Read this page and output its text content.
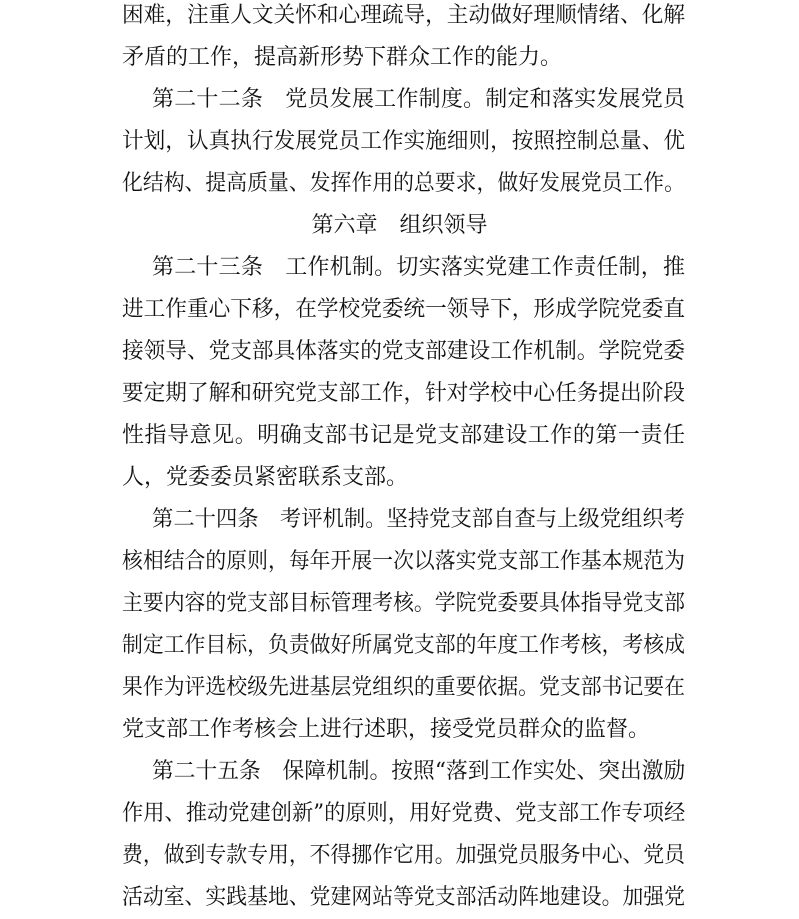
困难，注重人文关怀和心理疏导，主动做好理顺情绪、化解
矛盾的工作，提高新形势下群众工作的能力。
第二十二条　党员发展工作制度。制定和落实发展党员
计划，认真执行发展党员工作实施细则，按照控制总量、优
化结构、提高质量、发挥作用的总要求，做好发展党员工作。
第六章　组织领导
第二十三条　工作机制。切实落实党建工作责任制，推
进工作重心下移，在学校党委统一领导下，形成学院党委直
接领导、党支部具体落实的党支部建设工作机制。学院党委
要定期了解和研究党支部工作，针对学校中心任务提出阶段
性指导意见。明确支部书记是党支部建设工作的第一责任
人，党委委员紧密联系支部。
第二十四条　考评机制。坚持党支部自查与上级党组织考
核相结合的原则，每年开展一次以落实党支部工作基本规范为
主要内容的党支部目标管理考核。学院党委要具体指导党支部
制定工作目标，负责做好所属党支部的年度工作考核，考核成
果作为评选校级先进基层党组织的重要依据。党支部书记要在
党支部工作考核会上进行述职，接受党员群众的监督。
第二十五条　保障机制。按照“落到工作实处、突出激励
作用、推动党建创新”的原则，用好党费、党支部工作专项经
费，做到专款专用，不得挪作它用。加强党员服务中心、党员
活动室、实践基地、党建网站等党支部活动阵地建设。加强党
